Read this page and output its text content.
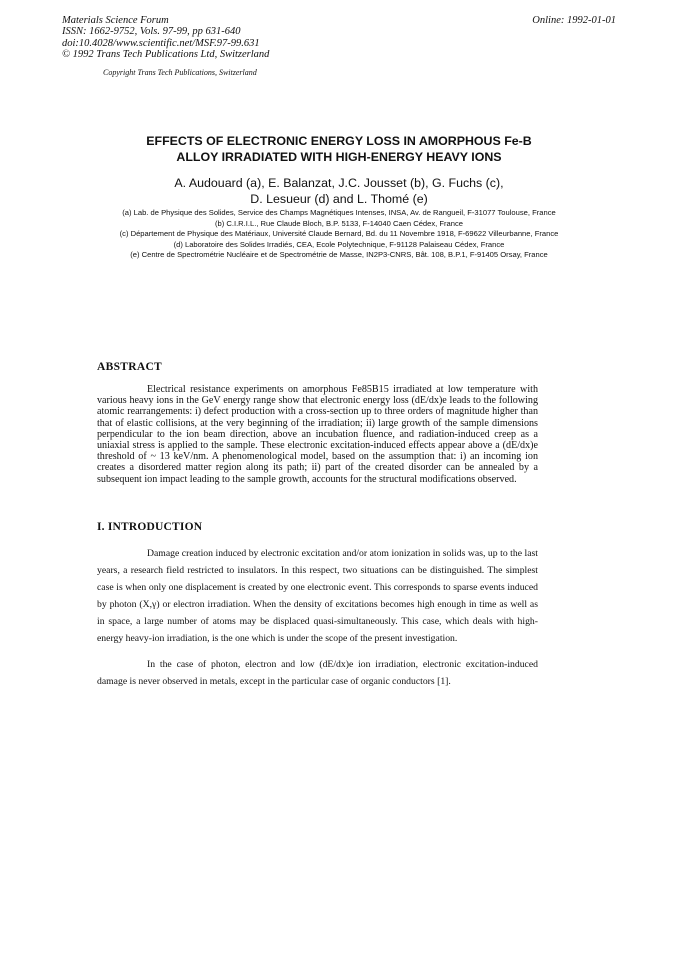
Materials Science Forum
ISSN: 1662-9752, Vols. 97-99, pp 631-640
doi:10.4028/www.scientific.net/MSF.97-99.631
© 1992 Trans Tech Publications Ltd, Switzerland
Online: 1992-01-01
Copyright Trans Tech Publications, Switzerland
EFFECTS OF ELECTRONIC ENERGY LOSS IN AMORPHOUS Fe-B
ALLOY IRRADIATED WITH HIGH-ENERGY HEAVY IONS
A. Audouard (a), E. Balanzat, J.C. Jousset (b), G. Fuchs (c),
D. Lesueur (d) and L. Thomé (e)

(a) Lab. de Physique des Solides, Service des Champs Magnétiques Intenses, INSA, Av. de Rangueil, F-31077 Toulouse, France

(b) C.I.R.I.L., Rue Claude Bloch, B.P. 5133, F-14040 Caen Cédex, France

(c) Département de Physique des Matériaux, Université Claude Bernard, Bd. du 11 Novembre 1918, F-69622 Villeurbanne, France

(d) Laboratoire des Solides Irradiés, CEA, Ecole Polytechnique, F-91128 Palaiseau Cédex, France

(e) Centre de Spectrométrie Nucléaire et de Spectrométrie de Masse, IN2P3-CNRS, Bât. 108, B.P.1, F-91405 Orsay, France

ABSTRACT

Electrical resistance experiments on amorphous Fe85B15 irradiated at low temperature with various heavy ions in the GeV energy range show that electronic energy loss (dE/dx)e leads to the following atomic rearrangements: i) defect production with a cross-section up to three orders of magnitude higher than that of elastic collisions, at the very beginning of the irradiation; ii) large growth of the sample dimensions perpendicular to the ion beam direction, above an incubation fluence, and radiation-induced creep as a uniaxial stress is applied to the sample. These electronic excitation-induced effects appear above a (dE/dx)e threshold of ~ 13 keV/nm. A phenomenological model, based on the assumption that: i) an incoming ion creates a disordered matter region along its path; ii) part of the created disorder can be annealed by a subsequent ion impact leading to the sample growth, accounts for the structural modifications observed.

I. INTRODUCTION

Damage creation induced by electronic excitation and/or atom ionization in solids was, up to the last years, a research field restricted to insulators. In this respect, two situations can be distinguished. The simplest case is when only one displacement is created by one electronic event. This corresponds to sparse events induced by photon (X,γ) or electron irradiation. When the density of excitations becomes high enough in time as well as in space, a large number of atoms may be displaced quasi-simultaneously. This case, which deals with high-energy heavy-ion irradiation, is the one which is under the scope of the present investigation.

In the case of photon, electron and low (dE/dx)e ion irradiation, electronic excitation-induced damage is never observed in metals, except in the particular case of organic conductors [1].
